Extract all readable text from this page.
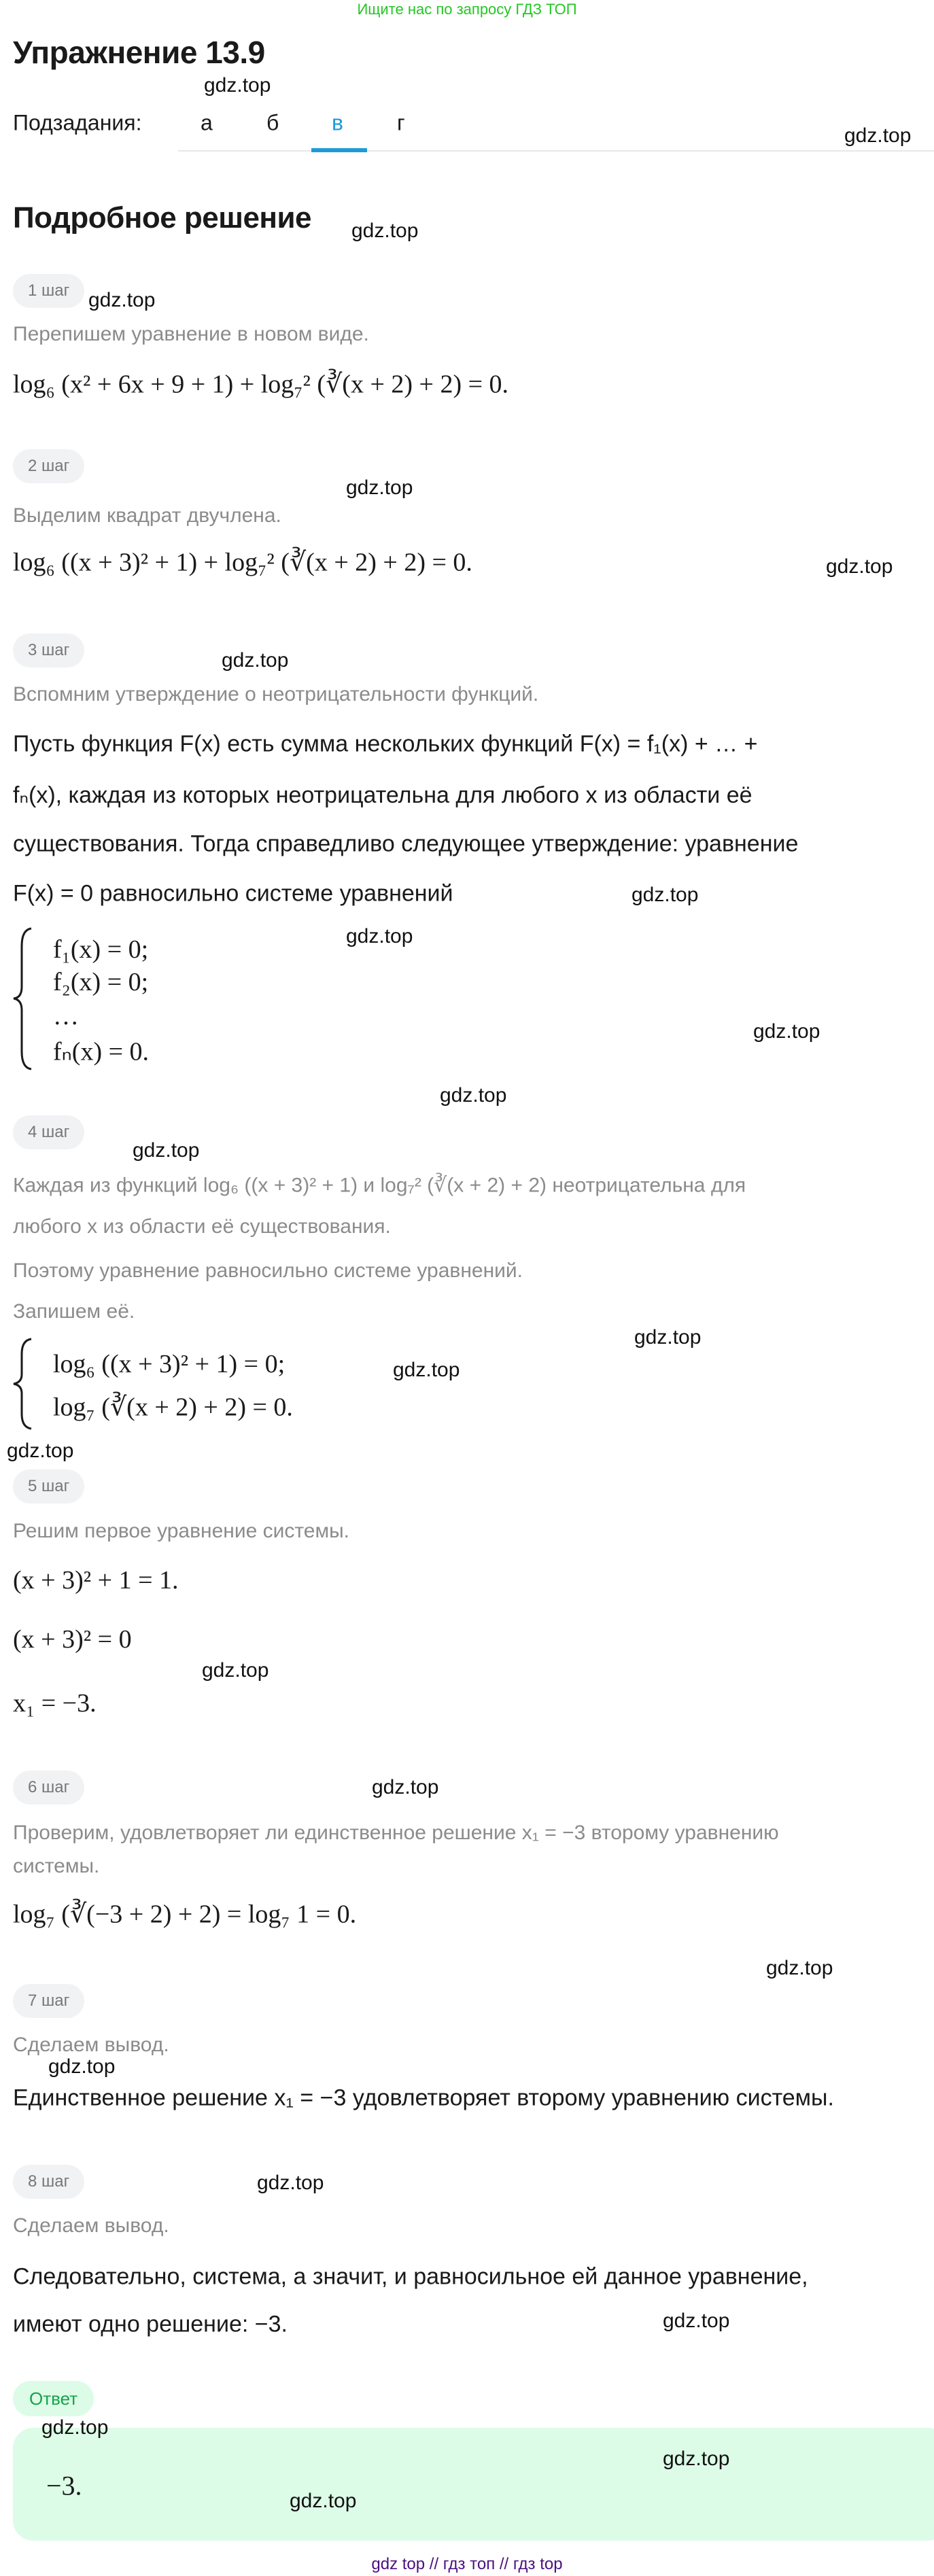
Ищите нас по запросу ГДЗ ТОП
Упражнение 13.9
Подзадания:	а б в г
Подробное решение
1 шаг
Перепишем уравнение в новом виде.
log₆ (x² + 6x + 9 + 1) + log₇² (∛(x + 2) + 2) = 0.
2 шаг
Выделим квадрат двучлена.
log₆ ((x + 3)² + 1) + log₇² (∛(x + 2) + 2) = 0.
3 шаг
Вспомним утверждение о неотрицательности функций.
Пусть функция F(x) есть сумма нескольких функций F(x) = f₁(x) + … +
fₙ(x), каждая из которых неотрицательна для любого x из области её
существования. Тогда справедливо следующее утверждение: уравнение
F(x) = 0 равносильно системе уравнений
f₁(x) = 0;
f₂(x) = 0;
…
fₙ(x) = 0.
4 шаг
Каждая из функций log₆ ((x + 3)² + 1) и log₇² (∛(x + 2) + 2) неотрицательна для
любого x из области её существования.
Поэтому уравнение равносильно системе уравнений.
Запишем её.
log₆ ((x + 3)² + 1) = 0;
log₇ (∛(x + 2) + 2) = 0.
5 шаг
Решим первое уравнение системы.
(x + 3)² + 1 = 1.
(x + 3)² = 0
x₁ = −3.
6 шаг
Проверим, удовлетворяет ли единственное решение x₁ = −3 второму уравнению
системы.
log₇ (∛(−3 + 2) + 2) = log₇ 1 = 0.
7 шаг
Сделаем вывод.
Единственное решение x₁ = −3 удовлетворяет второму уравнению системы.
8 шаг
Сделаем вывод.
Следовательно, система, а значит, и равносильное ей данное уравнение,
имеют одно решение: −3.
Ответ
−3.
gdz top // гдз топ // гдз top
gdz.top
gdz.top
gdz.top
gdz.top
gdz.top
gdz.top
gdz.top
gdz.top
gdz.top
gdz.top
gdz.top
gdz.top
gdz.top
gdz.top
gdz.top
gdz.top
gdz.top
gdz.top
gdz.top
gdz.top
gdz.top
gdz.top
gdz.top
gdz.top
